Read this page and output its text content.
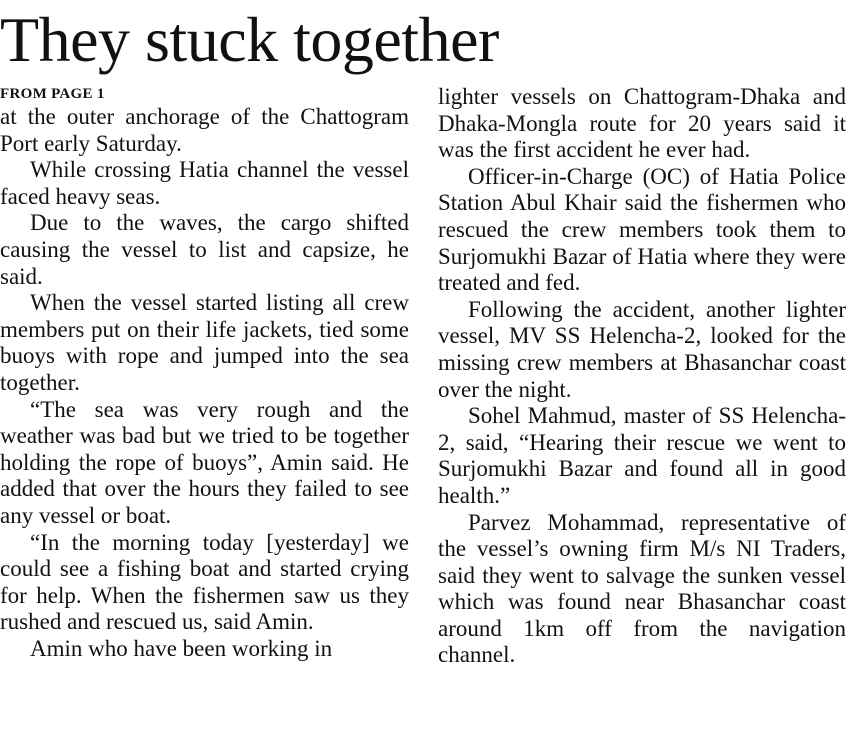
They stuck together
FROM PAGE 1

at the outer anchorage of the Chattogram Port early Saturday.

While crossing Hatia channel the vessel faced heavy seas.

Due to the waves, the cargo shifted causing the vessel to list and capsize, he said.

When the vessel started listing all crew members put on their life jackets, tied some buoys with rope and jumped into the sea together.

“The sea was very rough and the weather was bad but we tried to be together holding the rope of buoys”, Amin said. He added that over the hours they failed to see any vessel or boat.

“In the morning today [yesterday] we could see a fishing boat and started crying for help. When the fishermen saw us they rushed and rescued us, said Amin.

Amin who have been working in

lighter vessels on Chattogram-Dhaka and Dhaka-Mongla route for 20 years said it was the first accident he ever had.

Officer-in-Charge (OC) of Hatia Police Station Abul Khair said the fishermen who rescued the crew members took them to Surjomukhi Bazar of Hatia where they were treated and fed.

Following the accident, another lighter vessel, MV SS Helencha-2, looked for the missing crew members at Bhasanchar coast over the night.

Sohel Mahmud, master of SS Helencha-2, said, “Hearing their rescue we went to Surjomukhi Bazar and found all in good health.”

Parvez Mohammad, representative of the vessel’s owning firm M/s NI Traders, said they went to salvage the sunken vessel which was found near Bhasanchar coast around 1km off from the navigation channel.
